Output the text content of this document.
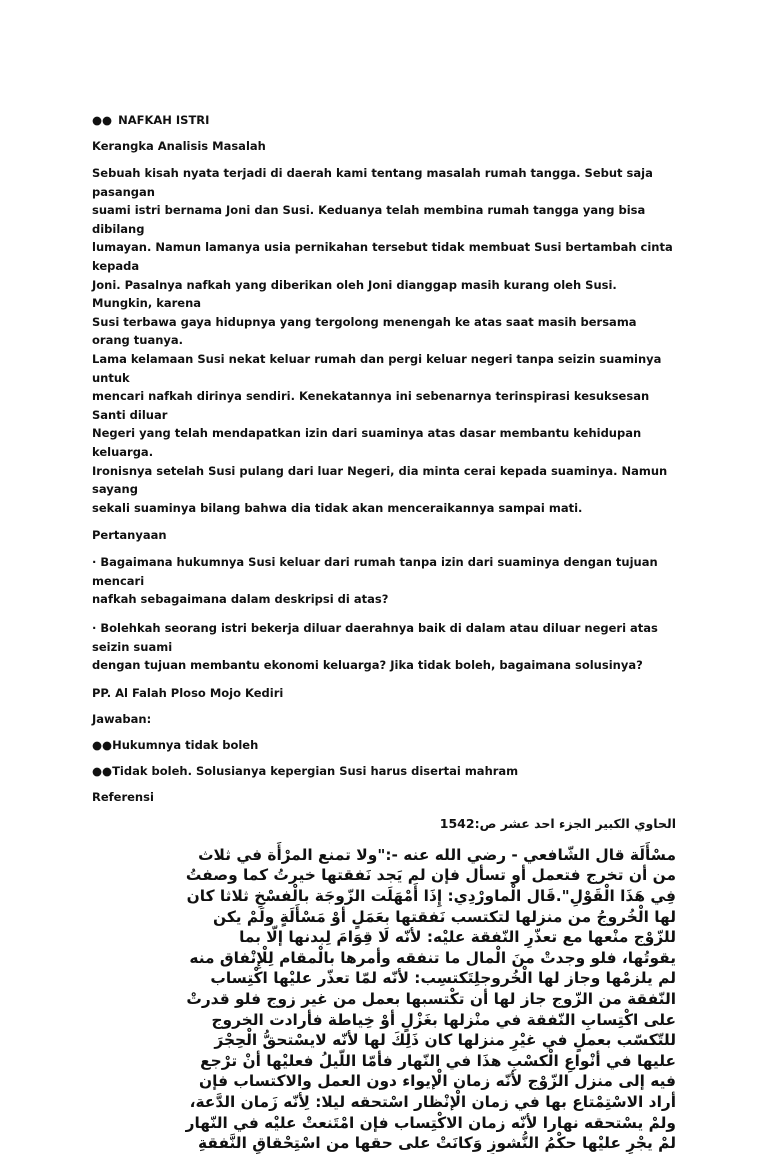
●● NAFKAH ISTRI
Kerangka Analisis Masalah
Sebuah kisah nyata terjadi di daerah kami tentang masalah rumah tangga. Sebut saja pasangan
suami istri bernama Joni dan Susi. Keduanya telah membina rumah tangga yang bisa dibilang
lumayan. Namun lamanya usia pernikahan tersebut tidak membuat Susi bertambah cinta kepada
Joni. Pasalnya nafkah yang diberikan oleh Joni dianggap masih kurang oleh Susi. Mungkin, karena
Susi terbawa gaya hidupnya yang tergolong menengah ke atas saat masih bersama orang tuanya.
Lama kelamaan Susi nekat keluar rumah dan pergi keluar negeri tanpa seizin suaminya untuk
mencari nafkah dirinya sendiri. Kenekatannya ini sebenarnya terinspirasi kesuksesan Santi diluar
Negeri yang telah mendapatkan izin dari suaminya atas dasar membantu kehidupan keluarga.
Ironisnya setelah Susi pulang dari luar Negeri, dia minta cerai kepada suaminya. Namun sayang
sekali suaminya bilang bahwa dia tidak akan menceraikannya sampai mati.
Pertanyaan
· Bagaimana hukumnya Susi keluar dari rumah tanpa izin dari suaminya dengan tujuan mencari
nafkah sebagaimana dalam deskripsi di atas?
· Bolehkah seorang istri bekerja diluar daerahnya baik di dalam atau diluar negeri atas seizin suami
dengan tujuan membantu ekonomi keluarga? Jika tidak boleh, bagaimana solusinya?
PP. Al Falah Ploso Mojo Kediri
Jawaban:
●●Hukumnya tidak boleh
●●Tidak boleh. Solusianya kepergian Susi harus disertai mahram
Referensi
الحاوي الكبير الجزء احد عشر ص:1542
مسْأَلَة قال الشّافعي - رضي الله عنه -:"ولا تمنع المرْأَة في ثلاث
من أن تخرج فتعمل أو تسأل فإن لم يَجد نَفقتها خيرتُ كما وصفتُ
فِي هَذَا الْقَوْلِ".قَال الْماورْدِي: إِذَا أَمْهَلَت الزّوجَة بالْفسْخِ ثلاثا كان
لها الْخُروجُ من منزلها لتكتسب نَفقتها بعَمَلٍ أوْ مَسْأَلَةٍ ولَمْ يكن
للزّوْج منْعها مع تعذّرِ النّفقة عليْه: لأنّه لَا قِوَامَ لِبدنها إلّا بما
يقوتُها، فلو وجدتْ منَ الْمال ما تنفقه وأمرها بالْمقام لِلْإِنْفاق منه
لم يلزمْها وجاز لها الْخُروجلِتَكتسِب: لأنّه لمّا تعذّر عليْها اكْتِساب
النّفقة من الزّوج جاز لها أن تكْتسبها بعمل من غير زوج فلو قدرتْ
على اكْتِسابِ النّفقة في منْزلها بغَزْلٍ أوْ خِياطة فأرادت الخروج
للتّكسّب بعملٍ في غيْرِ منزلها كان ذَلِكَ لها لأنّه لايسْتحقُّ الْحِجْرَ
عليها في أنْواعِ الْكسْبِ هذَا في النّهار فأمّا اللّيلُ فعليْها أنْ ترْجع
فيه إلى منزل الزّوْج لأنّه زمان الْإيواء دون العمل والاكتساب فإن
أراد الاسْتِمْتاع بها في زمان الْإنْظار اسْتحقه ليلا: لِأنّه زَمان الدَّعة،
ولمْ يسْتحقه نهارا لأنّه زمان الاكْتِساب فإن امْتَنعتْ عليْه في النّهار
لمْ يجْرِ عليْها حكْمُ النُّشوزِ وَكانَتْ على حقها من اسْتِحْقاقِ النَّفقةِ
